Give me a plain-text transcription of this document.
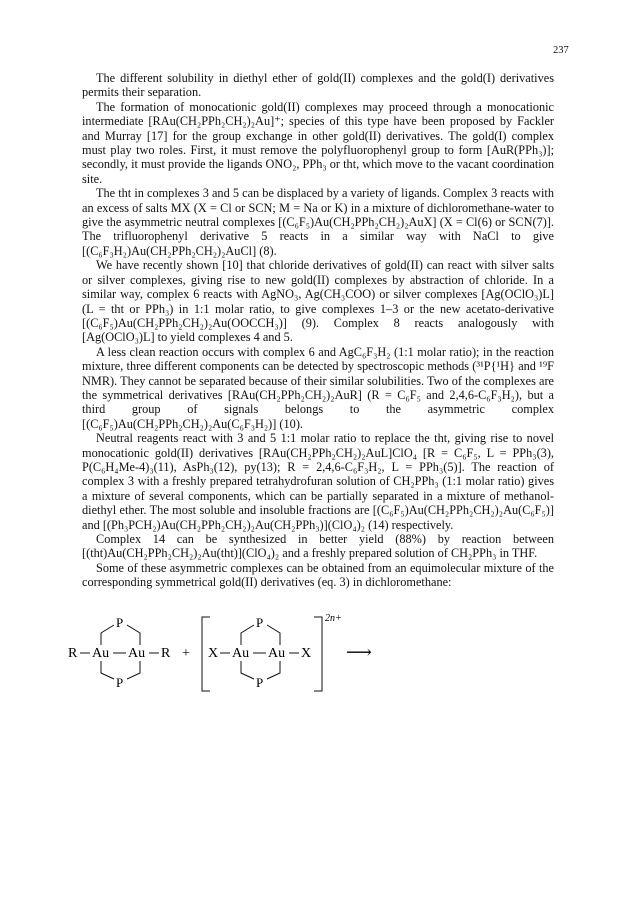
237

The different solubility in diethyl ether of gold(II) complexes and the gold(I) derivatives permits their separation.

The formation of monocationic gold(II) complexes may proceed through a monocationic intermediate [RAu(CH₂PPh₂CH₂)₂Au]⁺; species of this type have been proposed by Fackler and Murray [17] for the group exchange in other gold(II) derivatives. The gold(I) complex must play two roles. First, it must remove the polyfluorophenyl group to form [AuR(PPh₃)]; secondly, it must provide the ligands ONO₂, PPh₃ or tht, which move to the vacant coordination site.

The tht in complexes 3 and 5 can be displaced by a variety of ligands. Complex 3 reacts with an excess of salts MX (X = Cl or SCN; M = Na or K) in a mixture of dichloromethane-water to give the asymmetric neutral complexes [(C₆F₅)Au(CH₂PPh₂CH₂)₂AuX] (X = Cl(6) or SCN(7)]. The trifluorophenyl derivative 5 reacts in a similar way with NaCl to give [(C₆F₃H₂)Au(CH₂PPh₂CH₂)₂AuCl] (8).

We have recently shown [10] that chloride derivatives of gold(II) can react with silver salts or silver complexes, giving rise to new gold(II) complexes by abstraction of chloride. In a similar way, complex 6 reacts with AgNO₃, Ag(CH₃COO) or silver complexes [Ag(OClO₃)L] (L = tht or PPh₃) in 1:1 molar ratio, to give complexes 1–3 or the new acetato-derivative [(C₆F₅)Au(CH₂PPh₂CH₂)₂Au(OOCCH₃)] (9). Complex 8 reacts analogously with [Ag(OClO₃)L] to yield complexes 4 and 5.

A less clean reaction occurs with complex 6 and AgC₆F₃H₂ (1:1 molar ratio); in the reaction mixture, three different components can be detected by spectroscopic methods (³¹P{¹H} and ¹⁹F NMR). They cannot be separated because of their similar solubilities. Two of the complexes are the symmetrical derivatives [RAu(CH₂PPh₂CH₂)₂AuR] (R = C₆F₅ and 2,4,6-C₆F₃H₂), but a third group of signals belongs to the asymmetric complex [(C₆F₅)Au(CH₂PPh₂CH₂)₂Au(C₆F₃H₂)] (10).

Neutral reagents react with 3 and 5 1:1 molar ratio to replace the tht, giving rise to novel monocationic gold(II) derivatives [RAu(CH₂PPh₂CH₂)₂AuL]ClO₄ [R = C₆F₅, L = PPh₃(3), P(C₆H₄Me-4)₃(11), AsPh₃(12), py(13); R = 2,4,6-C₆F₃H₂, L = PPh₃(5)]. The reaction of complex 3 with a freshly prepared tetrahydrofuran solution of CH₂PPh₃ (1:1 molar ratio) gives a mixture of several components, which can be partially separated in a mixture of methanol-diethyl ether. The most soluble and insoluble fractions are [(C₆F₅)Au(CH₂PPh₂CH₂)₂Au(C₆F₅)] and [(Ph₃PCH₂)Au(CH₂PPh₂CH₂)₂Au(CH₂PPh₃)](ClO₄)₂ (14) respectively.

Complex 14 can be synthesized in better yield (88%) by reaction between [(tht)Au(CH₂PPh₂CH₂)₂Au(tht)](ClO₄)₂ and a freshly prepared solution of CH₂PPh₃ in THF.

Some of these asymmetric complexes can be obtained from an equimolecular mixture of the corresponding symmetrical gold(II) derivatives (eq. 3) in dichloromethane:

R Au Au R
P
P
+ X Au Au X
P
P
2n+
⟶
